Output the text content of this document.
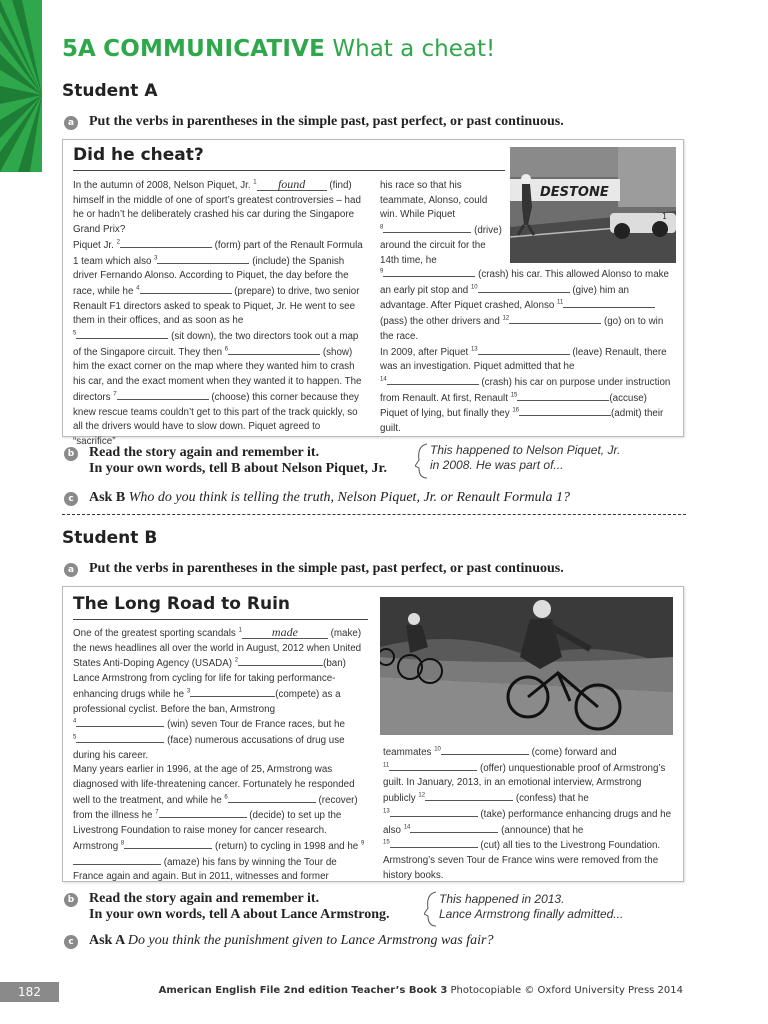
5A COMMUNICATIVE What a cheat!
Student A
a Put the verbs in parentheses in the simple past, past perfect, or past continuous.
Did he cheat?
DESTONE
1

In the autumn of 2008, Nelson Piquet, Jr. $^1$ found (find) himself in the middle of one of sport’s greatest controversies – had he or hadn’t he deliberately crashed his car during the Singapore Grand Prix?

Piquet Jr. $^2$	(form) part of the Renault Formula 1 team which also $^3$	(include) the Spanish driver Fernando Alonso. According to Piquet, the day before the race, while he $^4$	(prepare) to drive, two senior Renault F1 directors asked to speak to Piquet, Jr. He went to see them in their offices, and as soon as he
$^5$	(sit down), the two directors took out a map of the Singapore circuit. They then $^6$	(show) him the exact corner on the map where they wanted him to crash his car, and the exact moment when they wanted it to happen. The directors $^7$	(choose) this corner because they knew rescue teams couldn’t get to this part of the track quickly, so all the drivers would have to slow down. Piquet agreed to “sacrifice”

his race so that his teammate, Alonso, could win. While Piquet
$^8$	(drive) around the circuit for the 14th time, he

$^9$	(crash) his car. This allowed Alonso to make an early pit stop and $^{10}$	(give) him an advantage. After Piquet crashed, Alonso $^{11}$ (pass) the other drivers and $^{12}$	(go) on to win the race.

In 2009, after Piquet $^{13}$	(leave) Renault, there was an investigation. Piquet admitted that he
$^{14}$	(crash) his car on purpose under instruction from Renault. At first, Renault $^{15}$	(accuse) Piquet of lying, but finally they $^{16}$	(admit) their guilt.

b Read the story again and remember it.
In your own words, tell B about Nelson Piquet, Jr.
This happened to Nelson Piquet, Jr.
in 2008. He was part of...
c	Ask B Who do you think is telling the truth, Nelson Piquet, Jr. or Renault Formula 1?
Student B
a Put the verbs in parentheses in the simple past, past perfect, or past continuous.
The Long Road to Ruin

One of the greatest sporting scandals $^1$	made	(make) the news headlines all over the world in August, 2012 when United States Anti-Doping Agency (USADA) $^2$	(ban) Lance Armstrong from cycling for life for taking performance-enhancing drugs while he $^3$	(compete) as a professional cyclist. Before the ban, Armstrong
$^4$	(win) seven Tour de France races, but he
$^5$	(face) numerous accusations of drug use during his career.

Many years earlier in 1996, at the age of 25, Armstrong was diagnosed with life-threatening cancer. Fortunately he responded well to the treatment, and while he $^6$	(recover) from the illness he $^7$	(decide) to set up the Livestrong Foundation to raise money for cancer research. Armstrong $^8$	(return) to cycling in 1998 and he $^9$ (amaze) his fans by winning the Tour de France again and again. But in 2011, witnesses and former

teammates $^{10}$	(come) forward and
$^{11}$	(offer) unquestionable proof of Armstrong’s guilt. In January, 2013, in an emotional interview, Armstrong publicly $^{12}$	(confess) that he
$^{13}$	(take) performance enhancing drugs and he also $^{14}$	(announce) that he
$^{15}$	(cut) all ties to the Livestrong Foundation. Armstrong’s seven Tour de France wins were removed from the history books.

b Read the story again and remember it.
In your own words, tell A about Lance Armstrong.
This happened in 2013.
Lance Armstrong finally admitted...
c	Ask A Do you think the punishment given to Lance Armstrong was fair?
182	American English File 2nd edition Teacher’s Book 3 Photocopiable © Oxford University Press 2014
